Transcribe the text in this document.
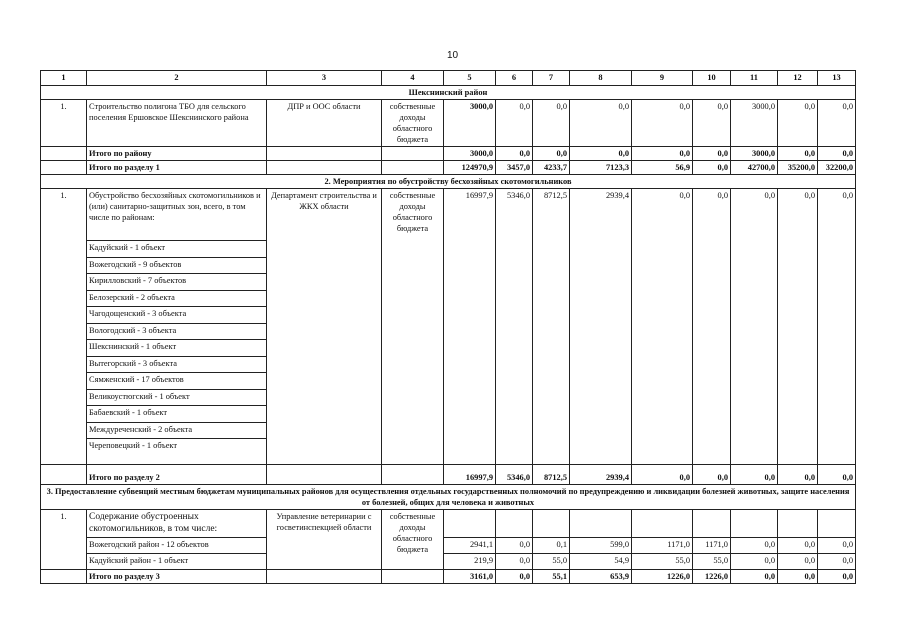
10
1	2	3	4	5	6	7	8	9	10	11	12	13
Шекснинский район												
1.	Строительство полигона ТБО для сельского поселения Ершовское Шекснинского района	ДПР и ООС области	собственные доходы областного бюджета	3000,0	0,0	0,0	0,0	0,0	0,0	3000,0	0,0	0,0
	Итого по району			3000,0	0,0	0,0	0,0	0,0	0,0	3000,0	0,0	0,0
	Итого по разделу 1			124970,9	3457,0	4233,7	7123,3	56,9	0,0	42700,0	35200,0	32200,0
2. Мероприятия по обустройству бесхозяйных скотомогильников												
1.	Обустройство бесхозяйных скотомогильников и (или) санитарно-защитных зон, всего, в том числе по районам:	Департамент строительства и ЖКХ области	собственные доходы областного бюджета	16997,9	5346,0	8712,5	2939,4	0,0	0,0	0,0	0,0	0,0
	Кадуйский - 1 объект											
	Вожегодский - 9 объектов											
	Кирилловский - 7 объектов											
	Белозерский - 2 объекта											
	Чагодощенский - 3 объекта											
	Вологодский - 3 объекта											
	Шекснинский - 1 объект											
	Вытегорский - 3 объекта											
	Сямженский - 17 объектов											
	Великоустюгский - 1 объект											
	Бабаевский - 1 объект											
	Междуреченский - 2 объекта											
	Череповецкий - 1 объект											
	Итого по разделу 2			16997,9	5346,0	8712,5	2939,4	0,0	0,0	0,0	0,0	0,0
3. Предоставление субвенций местным бюджетам муниципальных районов для осуществления отдельных государственных полномочий по предупреждению и ликвидации болезней животных, защите населения от болезней, общих для человека и животных												
1.	Содержание обустроенных скотомогильников, в том числе:	Управление ветеринарии с госветинспекцией области	собственные доходы областного бюджета									
	Вожегодский район - 12 объектов			2941,1	0,0	0,1	599,0	1171,0	1171,0	0,0	0,0	0,0
	Кадуйский район - 1 объект			219,9	0,0	55,0	54,9	55,0	55,0	0,0	0,0	0,0
	Итого по разделу 3			3161,0	0,0	55,1	653,9	1226,0	1226,0	0,0	0,0	0,0
